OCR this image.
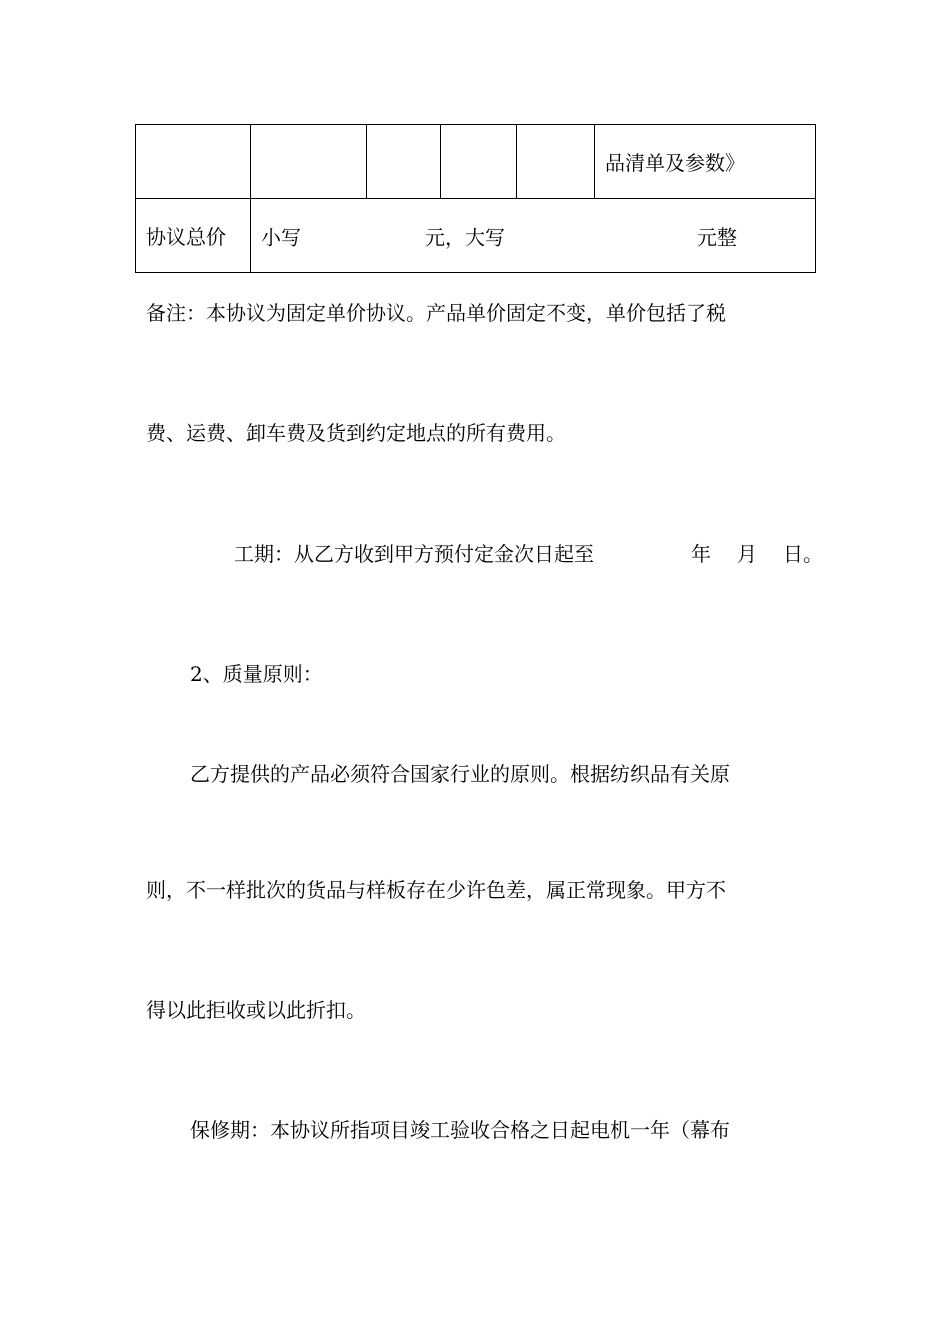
					品清单及参数》
协议总价	小写 元，大写 元整				
备注：本协议为固定单价协议。产品单价固定不变，单价包括了税
费、运费、卸车费及货到约定地点的所有费用。
工期：从乙方收到甲方预付定金次日起至	年 月 日。
2、质量原则：
乙方提供的产品必须符合国家行业的原则。根据纺织品有关原
则，不一样批次的货品与样板存在少许色差，属正常现象。甲方不
得以此拒收或以此折扣。
保修期：本协议所指项目竣工验收合格之日起电机一年（幕布
